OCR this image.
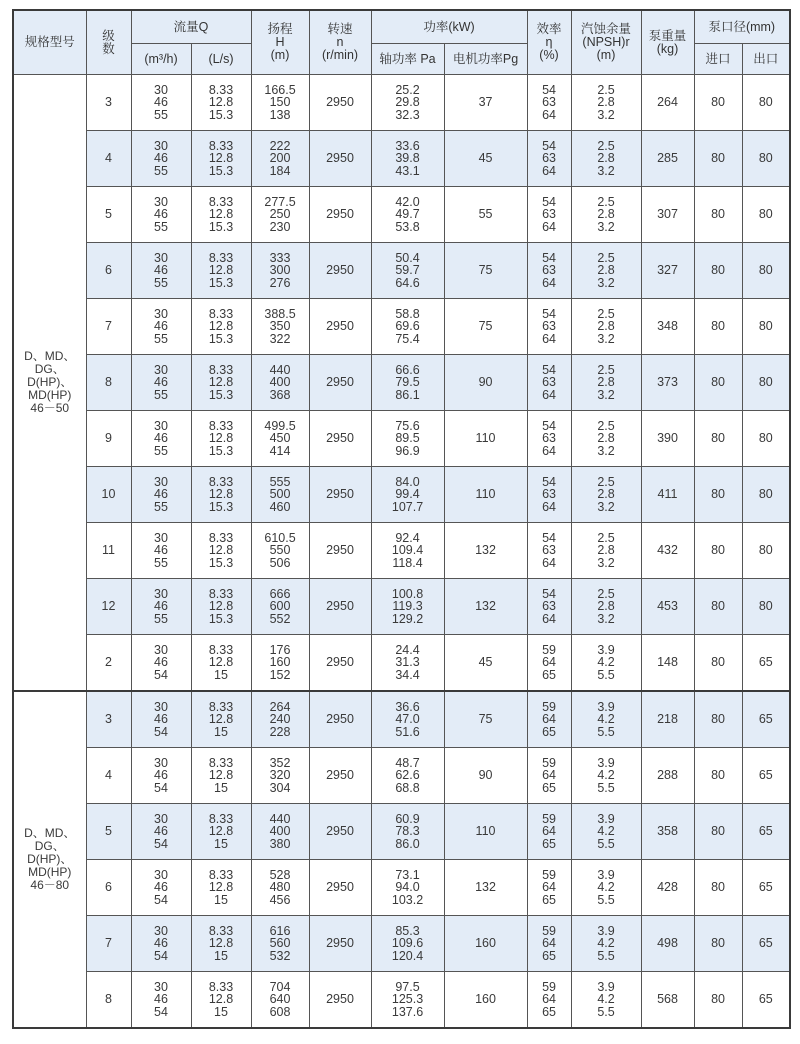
规格型号	级数	流量Q		扬程
H
(m)	转速
n
(r/min)	功率(kW)		效率
η
(%)	汽蚀余量
(NPSH)r
(m)	泵重量
(kg)	泵口径(mm)	
		(m³/h)	(L/s)			轴功率 Pa	电机功率Pg				进口	出口

D、MD、DG、
D(HP)、
MD(HP)
46－50	3	30
46
55	8.33
12.8
15.3	166.5
150
138	2950	25.2
29.8
32.3	37	54
63
64	2.5
2.8
3.2	264	80	80
	4	30
46
55	8.33
12.8
15.3	222
200
184	2950	33.6
39.8
43.1	45	54
63
64	2.5
2.8
3.2	285	80	80
	5	30
46
55	8.33
12.8
15.3	277.5
250
230	2950	42.0
49.7
53.8	55	54
63
64	2.5
2.8
3.2	307	80	80
	6	30
46
55	8.33
12.8
15.3	333
300
276	2950	50.4
59.7
64.6	75	54
63
64	2.5
2.8
3.2	327	80	80
	7	30
46
55	8.33
12.8
15.3	388.5
350
322	2950	58.8
69.6
75.4	75	54
63
64	2.5
2.8
3.2	348	80	80
	8	30
46
55	8.33
12.8
15.3	440
400
368	2950	66.6
79.5
86.1	90	54
63
64	2.5
2.8
3.2	373	80	80
	9	30
46
55	8.33
12.8
15.3	499.5
450
414	2950	75.6
89.5
96.9	110	54
63
64	2.5
2.8
3.2	390	80	80
	10	30
46
55	8.33
12.8
15.3	555
500
460	2950	84.0
99.4
107.7	110	54
63
64	2.5
2.8
3.2	411	80	80
	11	30
46
55	8.33
12.8
15.3	610.5
550
506	2950	92.4
109.4
118.4	132	54
63
64	2.5
2.8
3.2	432	80	80
	12	30
46
55	8.33
12.8
15.3	666
600
552	2950	100.8
119.3
129.2	132	54
63
64	2.5
2.8
3.2	453	80	80
	2	30
46
54	8.33
12.8
15	176
160
152	2950	24.4
31.3
34.4	45	59
64
65	3.9
4.2
5.5	148	80	65

D、MD、DG、
D(HP)、
MD(HP)
46－80	3	30
46
54	8.33
12.8
15	264
240
228	2950	36.6
47.0
51.6	75	59
64
65	3.9
4.2
5.5	218	80	65
	4	30
46
54	8.33
12.8
15	352
320
304	2950	48.7
62.6
68.8	90	59
64
65	3.9
4.2
5.5	288	80	65
	5	30
46
54	8.33
12.8
15	440
400
380	2950	60.9
78.3
86.0	110	59
64
65	3.9
4.2
5.5	358	80	65
	6	30
46
54	8.33
12.8
15	528
480
456	2950	73.1
94.0
103.2	132	59
64
65	3.9
4.2
5.5	428	80	65
	7	30
46
54	8.33
12.8
15	616
560
532	2950	85.3
109.6
120.4	160	59
64
65	3.9
4.2
5.5	498	80	65
	8	30
46
54	8.33
12.8
15	704
640
608	2950	97.5
125.3
137.6	160	59
64
65	3.9
4.2
5.5	568	80	65
